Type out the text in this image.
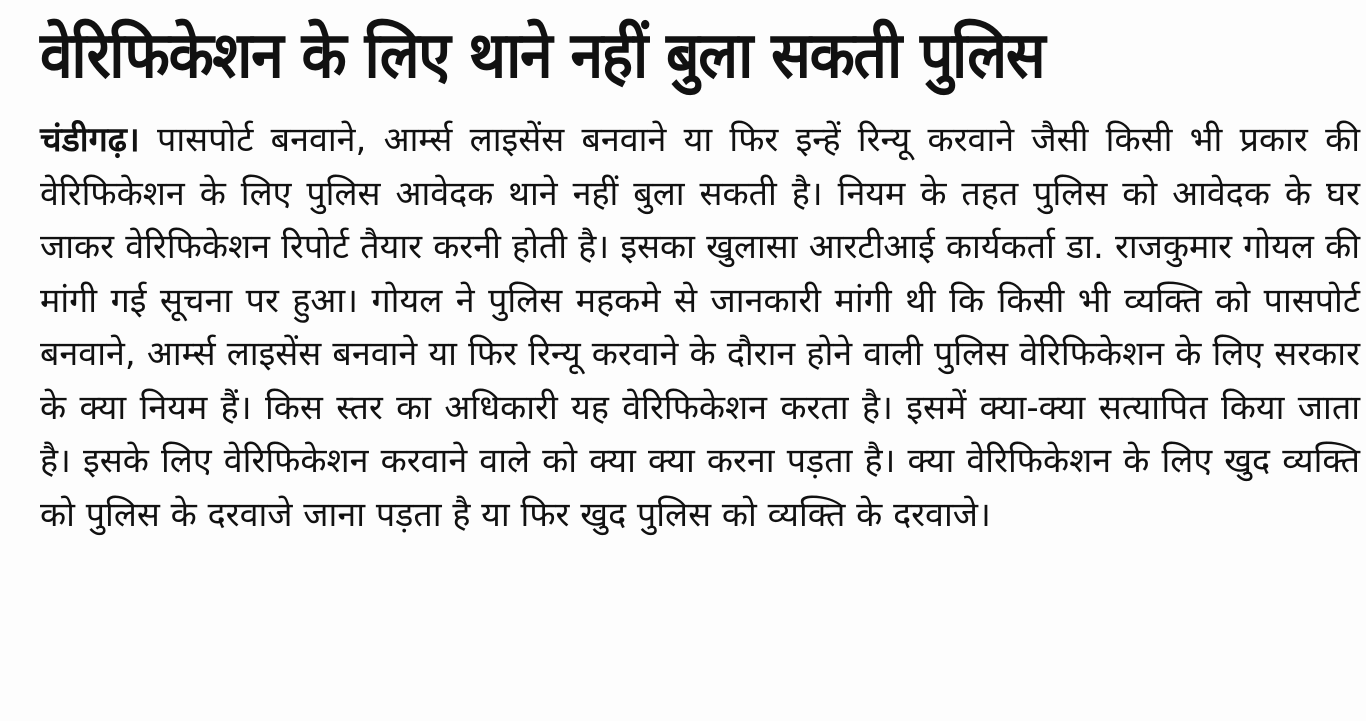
वेरिफिकेशन के लिए थाने नहीं बुला सकती पुलिस

चंडीगढ़। पासपोर्ट बनवाने, आर्म्स लाइसेंस बनवाने या फिर इन्हें रिन्यू करवाने जैसी किसी भी प्रकार की वेरिफिकेशन के लिए पुलिस आवेदक थाने नहीं बुला सकती है। नियम के तहत पुलिस को आवेदक के घर जाकर वेरिफिकेशन रिपोर्ट तैयार करनी होती है। इसका खुलासा आरटीआई कार्यकर्ता डा. राजकुमार गोयल की मांगी गई सूचना पर हुआ। गोयल ने पुलिस महकमे से जानकारी मांगी थी कि किसी भी व्यक्ति को पासपोर्ट बनवाने, आर्म्स लाइसेंस बनवाने या फिर रिन्यू करवाने के दौरान होने वाली पुलिस वेरिफिकेशन के लिए सरकार के क्या नियम हैं। किस स्तर का अधिकारी यह वेरिफिकेशन करता है। इसमें क्या-क्या सत्यापित किया जाता है। इसके लिए वेरिफिकेशन करवाने वाले को क्या क्या करना पड़ता है। क्या वेरिफिकेशन के लिए खुद व्यक्ति को पुलिस के दरवाजे जाना पड़ता है या फिर खुद पुलिस को व्यक्ति के दरवाजे।
